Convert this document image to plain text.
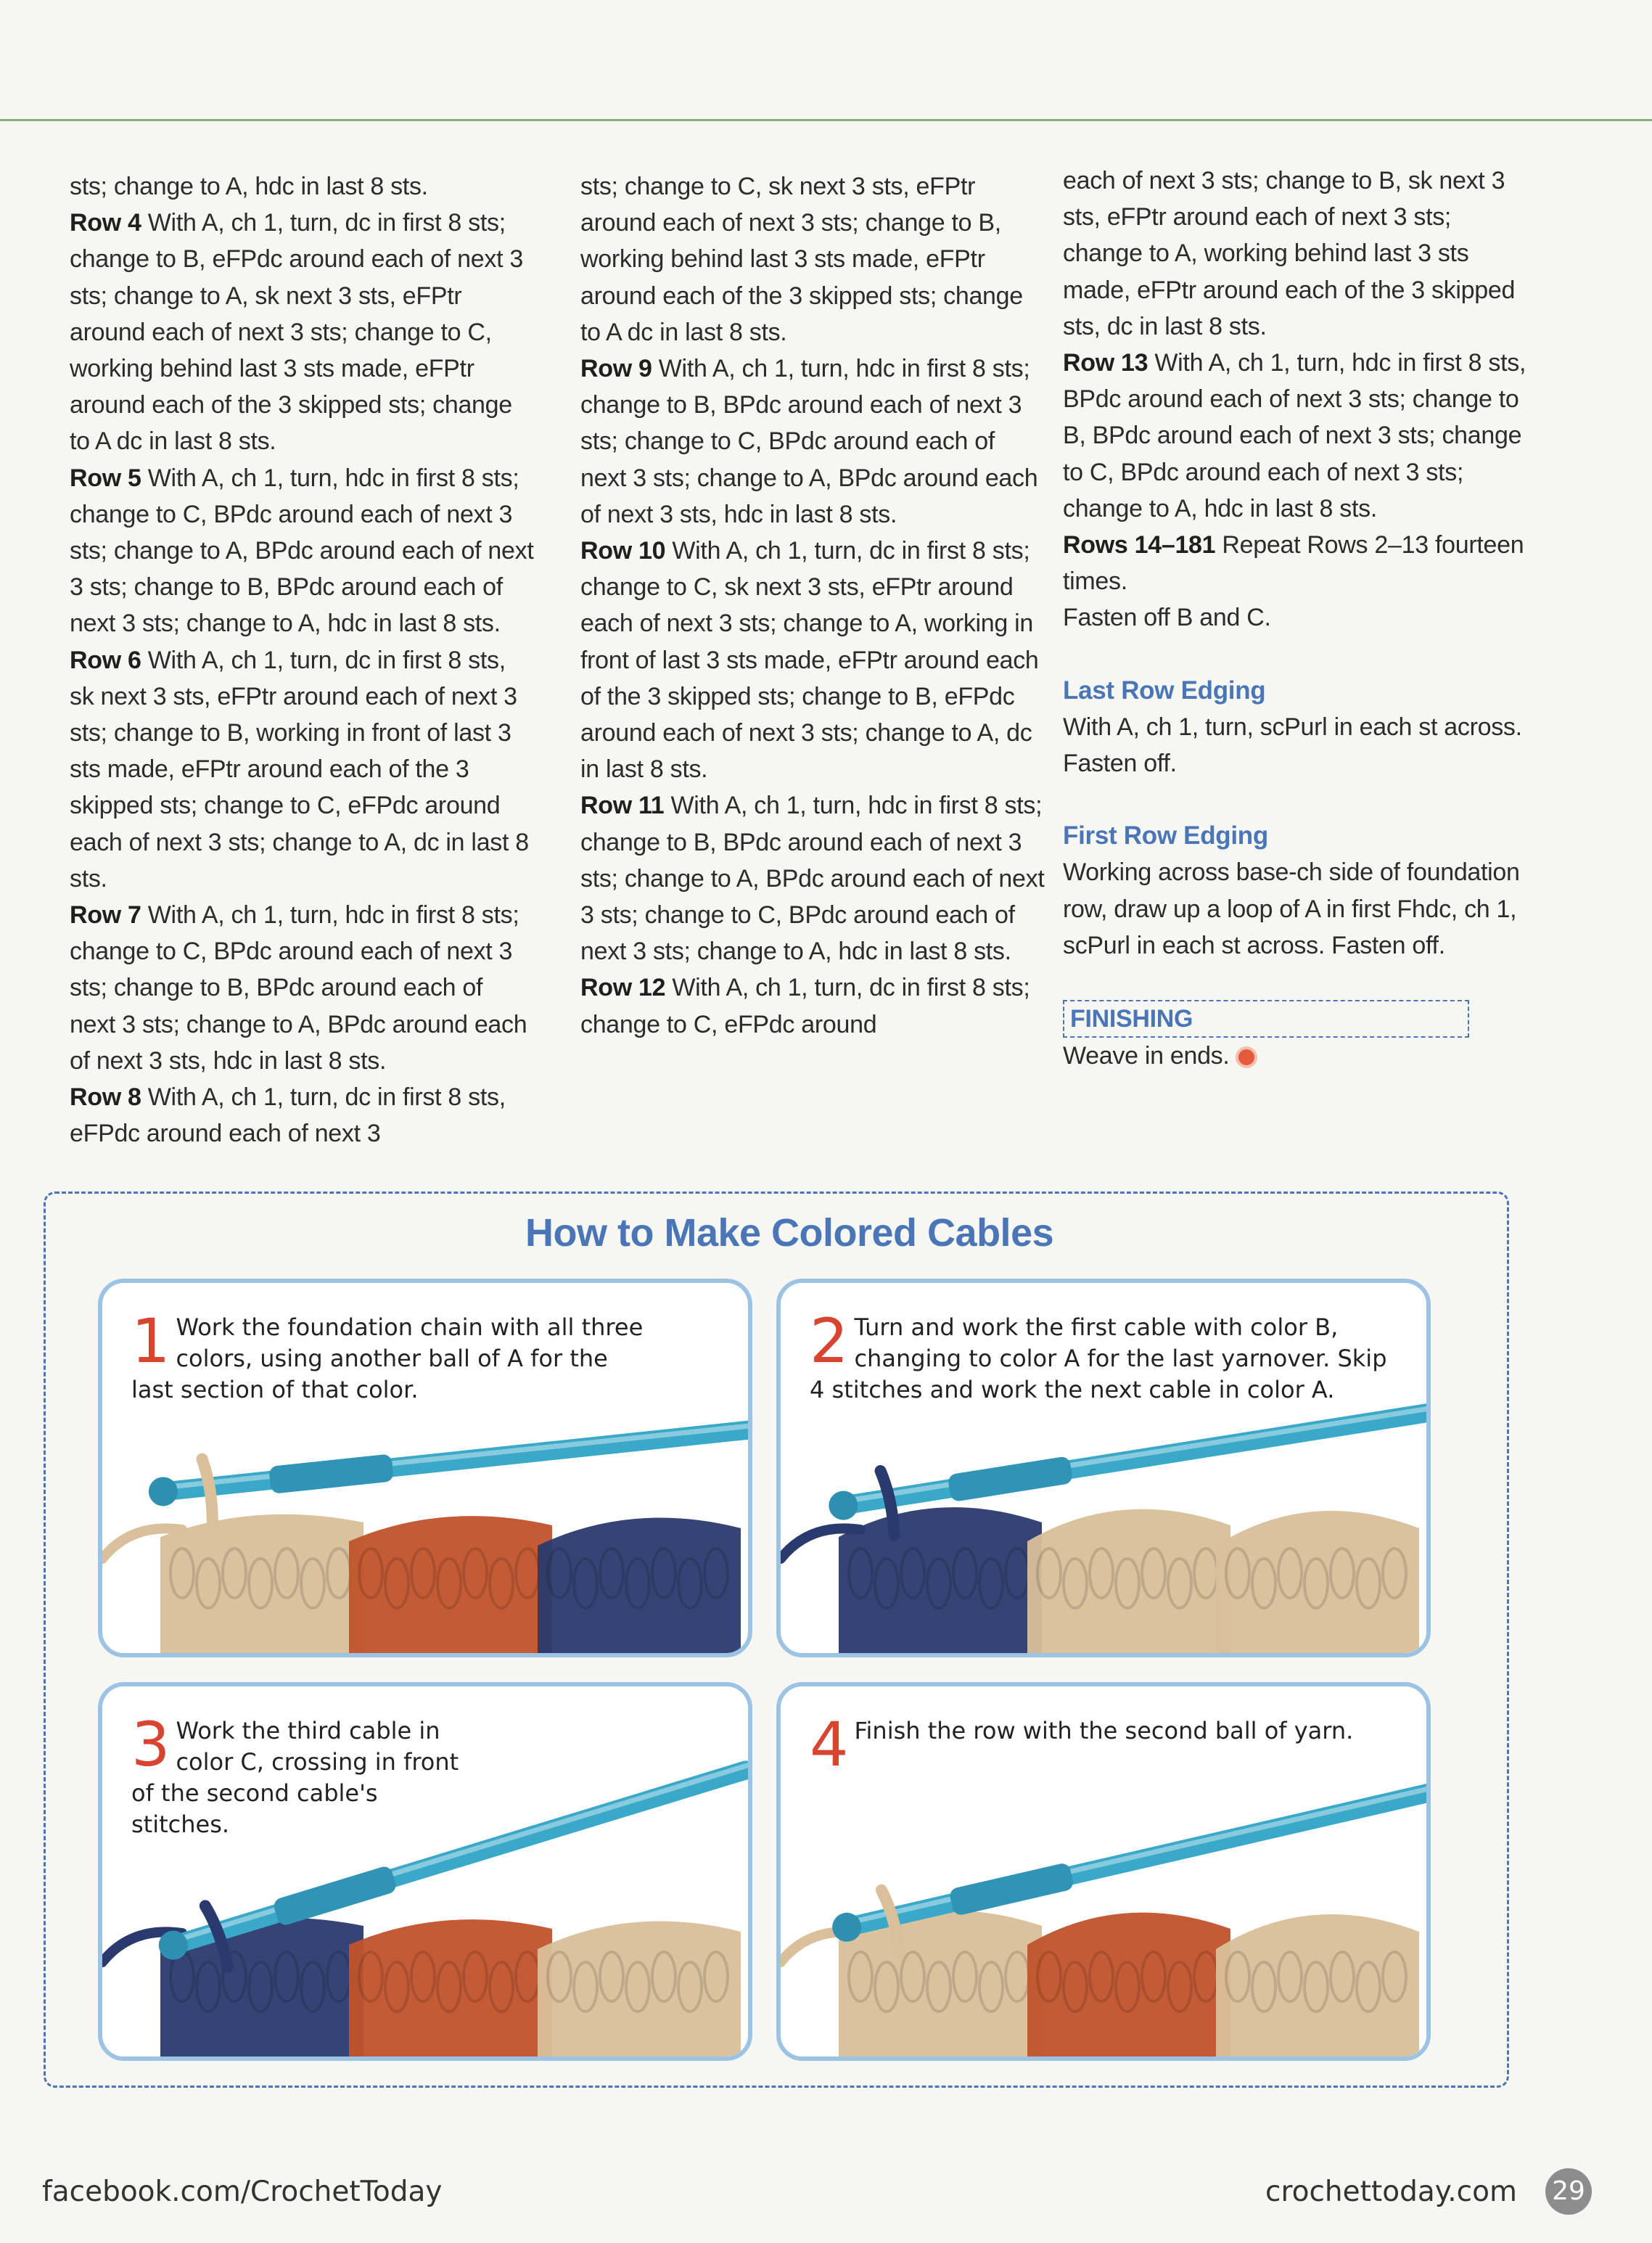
sts; change to A, hdc in last 8 sts.

Row 4 With A, ch 1, turn, dc in first 8 sts; change to B, eFPdc around each of next 3 sts; change to A, sk next 3 sts, eFPtr around each of next 3 sts; change to C, working behind last 3 sts made, eFPtr around each of the 3 skipped sts; change to A dc in last 8 sts.

Row 5 With A, ch 1, turn, hdc in first 8 sts; change to C, BPdc around each of next 3 sts; change to A, BPdc around each of next 3 sts; change to B, BPdc around each of next 3 sts; change to A, hdc in last 8 sts.

Row 6 With A, ch 1, turn, dc in first 8 sts, sk next 3 sts, eFPtr around each of next 3 sts; change to B, working in front of last 3 sts made, eFPtr around each of the 3 skipped sts; change to C, eFPdc around each of next 3 sts; change to A, dc in last 8 sts.

Row 7 With A, ch 1, turn, hdc in first 8 sts; change to C, BPdc around each of next 3 sts; change to B, BPdc around each of next 3 sts; change to A, BPdc around each of next 3 sts, hdc in last 8 sts.

Row 8 With A, ch 1, turn, dc in first 8 sts, eFPdc around each of next 3

sts; change to C, sk next 3 sts, eFPtr around each of next 3 sts; change to B, working behind last 3 sts made, eFPtr around each of the 3 skipped sts; change to A dc in last 8 sts.

Row 9 With A, ch 1, turn, hdc in first 8 sts; change to B, BPdc around each of next 3 sts; change to C, BPdc around each of next 3 sts; change to A, BPdc around each of next 3 sts, hdc in last 8 sts.

Row 10 With A, ch 1, turn, dc in first 8 sts; change to C, sk next 3 sts, eFPtr around each of next 3 sts; change to A, working in front of last 3 sts made, eFPtr around each of the 3 skipped sts; change to B, eFPdc around each of next 3 sts; change to A, dc in last 8 sts.

Row 11 With A, ch 1, turn, hdc in first 8 sts; change to B, BPdc around each of next 3 sts; change to A, BPdc around each of next 3 sts; change to C, BPdc around each of next 3 sts; change to A, hdc in last 8 sts.

Row 12 With A, ch 1, turn, dc in first 8 sts; change to C, eFPdc around

each of next 3 sts; change to B, sk next 3 sts, eFPtr around each of next 3 sts; change to A, working behind last 3 sts made, eFPtr around each of the 3 skipped sts, dc in last 8 sts.

Row 13 With A, ch 1, turn, hdc in first 8 sts, BPdc around each of next 3 sts; change to B, BPdc around each of next 3 sts; change to C, BPdc around each of next 3 sts; change to A, hdc in last 8 sts.

Rows 14–181 Repeat Rows 2–13 fourteen times.

Fasten off B and C.

Last Row Edging

With A, ch 1, turn, scPurl in each st across. Fasten off.

First Row Edging

Working across base-ch side of foundation row, draw up a loop of A in first Fhdc, ch 1, scPurl in each st across. Fasten off.

FINISHING

Weave in ends.

How to Make Colored Cables
1 Work the foundation chain with all three colors, using another ball of A for the last section of that color.
2 Turn and work the first cable with color B, changing to color A for the last yarnover. Skip 4 stitches and work the next cable in color A.
3 Work the third cable in color C, crossing in front of the second cable's stitches.
4 Finish the row with the second ball of yarn.
facebook.com/CrochetToday	crochettoday.com 29
